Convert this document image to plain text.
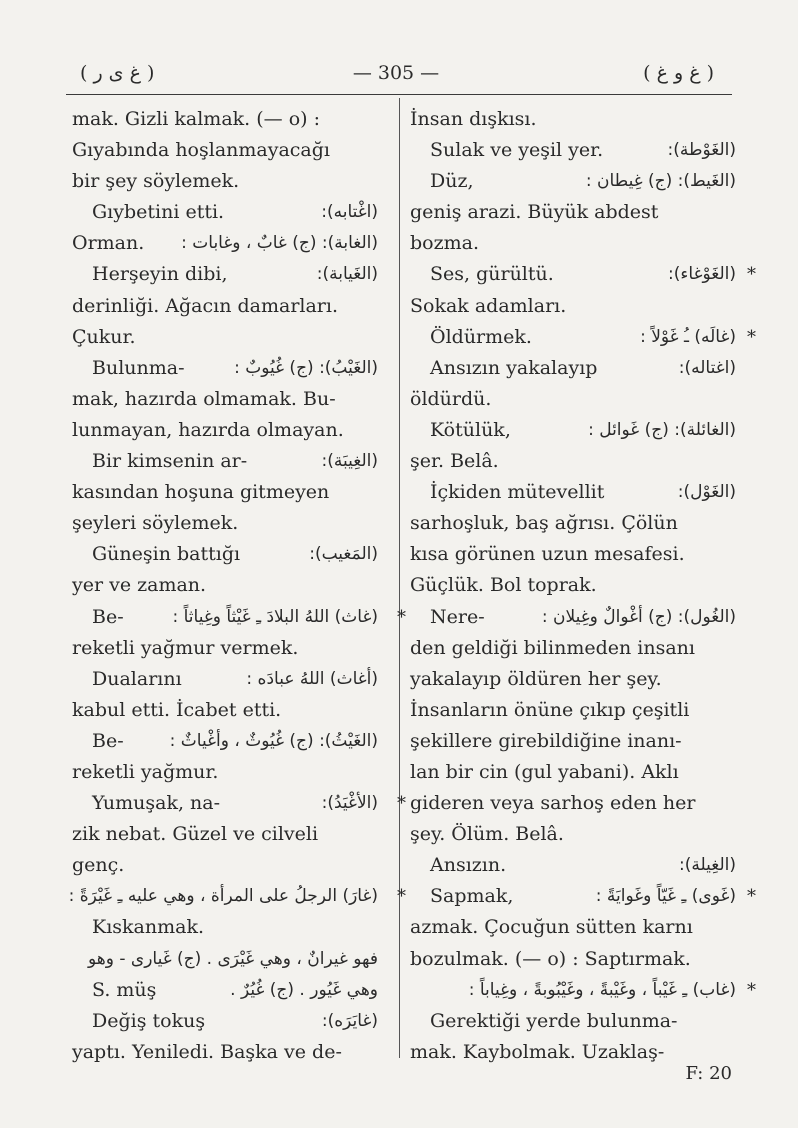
( غ ى ر )	— 305 —	( غ و غ )
mak. Gizli kalmak. (— o) :
Gıyabında hoşlanmayacağı
bir şey söylemek.
Gıybetini etti.	(اغْتابه):
Orman. (الغابة): (ج) غابٌ ، وغابات :
Herşeyin dibi,	(الغَيابة):
derinliği. Ağacın damarları.
Çukur.
Bulunma-	(الغَيْبُ): (ج) غُيُوبٌ :
mak, hazırda olmamak. Bu-
lunmayan, hazırda olmayan.
Bir kimsenin ar-	(الغِيبَة):
kasından hoşuna gitmeyen
şeyleri söylemek.
Güneşin battığı	(المَغيب):
yer ve zaman.
Be-	(غاث) اللهُ البلادَ ـِ غَيْثاً وغِياثاً : *
reketli yağmur vermek.
Dualarını	(أغاث) اللهُ عبادَه :
kabul etti. İcabet etti.
Be-	(الغَيْثُ): (ج) غُيُوثٌ ، وأغْياثٌ :
reketli yağmur.
Yumuşak, na-	(الأغْيَدُ): *
zik nebat. Güzel ve cilveli
genç.
(غارَ) الرجلُ على المرأة ، وهي عليه ـِ غَيْرَةً : *
Kıskanmak.
فهو غيرانٌ ، وهي غَيْرَى . (ج) غَيارى - وهو
S. müş	وهي غَيُور . (ج) غُيُرٌ .
Değiş tokuş	(غايَرَه):
yaptı. Yeniledi. Başka ve de-
İnsan dışkısı.
Sulak ve yeşil yer.	(الغَوْطة):
Düz,	(الغَيط): (ج) غِيطان :
geniş arazi. Büyük abdest
bozma.
Ses, gürültü.	(الغَوْغاء): *
Sokak adamları.
Öldürmek.	(غالَه) ـُ غَوْلاً : *
Ansızın yakalayıp	(اغتاله):
öldürdü.
Kötülük,	(الغائلة): (ج) غَوائل :
şer. Belâ.
İçkiden mütevellit	(الغَوْل):
sarhoşluk, baş ağrısı. Çölün
kısa görünen uzun mesafesi.
Güçlük. Bol toprak.
Nere-	(الغُول): (ج) أغْوالٌ وغِيلان :
den geldiği bilinmeden insanı
yakalayıp öldüren her şey.
İnsanların önüne çıkıp çeşitli
şekillere girebildiğine inanı-
lan bir cin (gul yabani). Aklı
gideren veya sarhoş eden her
şey. Ölüm. Belâ.
Ansızın.	(الغِيلة):
Sapmak,	(غَوى) ـِ غَيّاً وغَوايَةً : *
azmak. Çocuğun sütten karnı
bozulmak. (— o) : Saptırmak.
(غاب) ـِ غَيْباً ، وغَيْبةً ، وغَيْبُوبةً ، وغِياباً : *
Gerektiği yerde bulunma-
mak. Kaybolmak. Uzaklaş-
F: 20
